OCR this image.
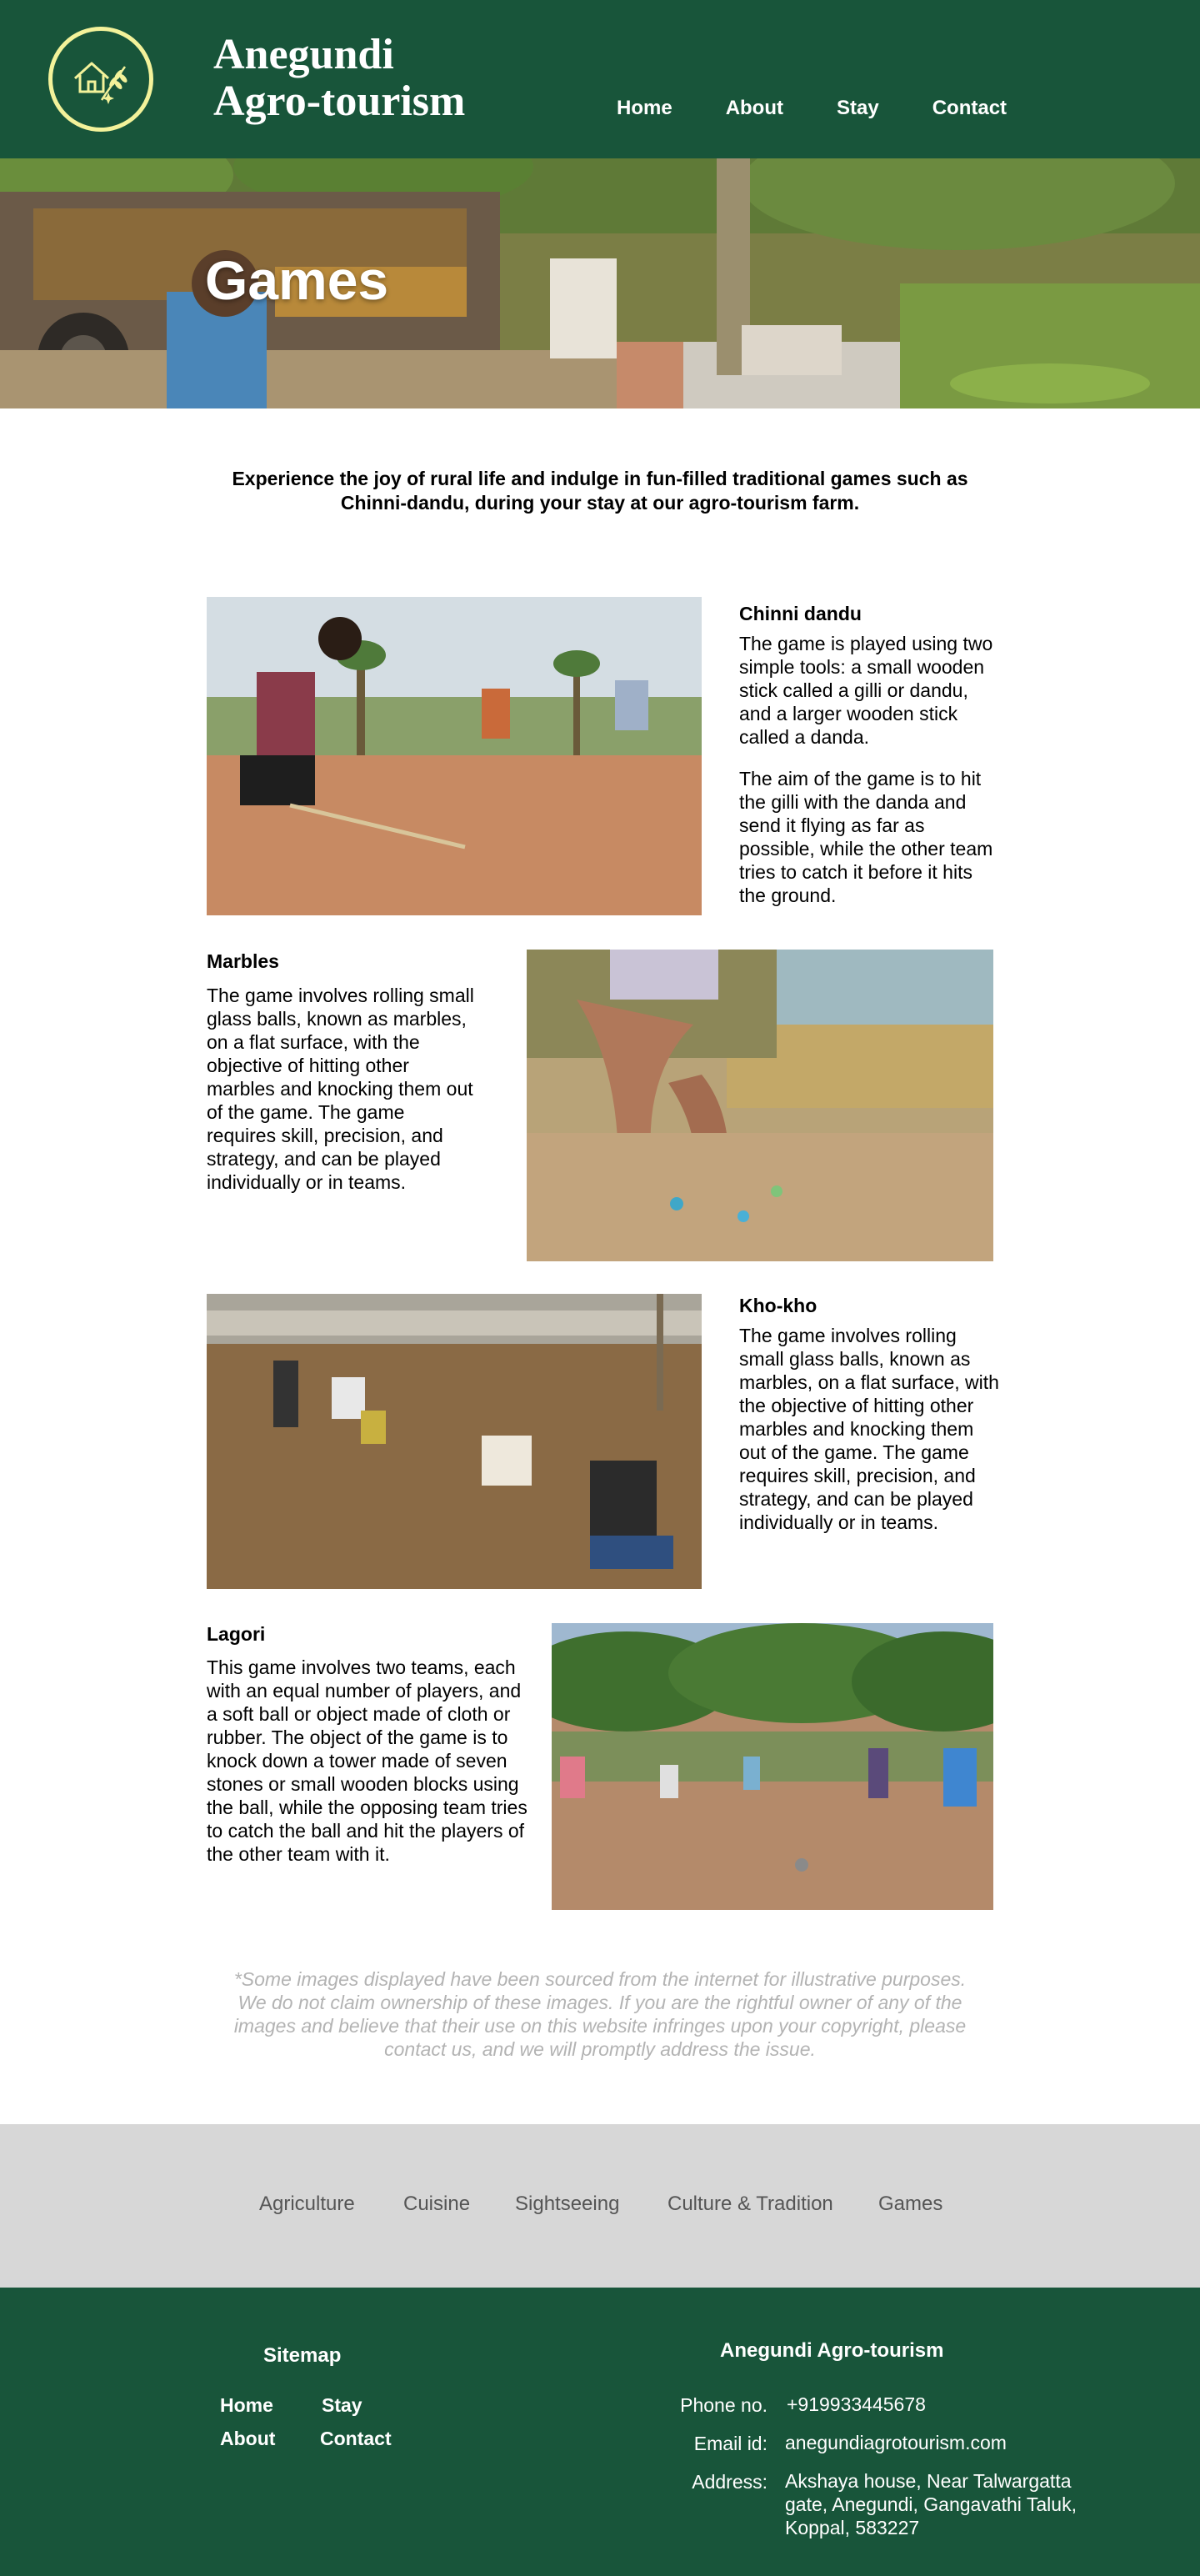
Anegundi
Agro-tourism	Home	About	Stay	Contact
Games

Experience the joy of rural life and indulge in fun-filled traditional games such as Chinni-dandu, during your stay at our agro-tourism farm.

Chinni dandu

The game is played using two simple tools: a small wooden stick called a gilli or dandu, and a larger wooden stick called a danda.

The aim of the game is to hit the gilli with the danda and send it flying as far as possible, while the other team tries to catch it before it hits the ground.

Marbles

The game involves rolling small glass balls, known as marbles, on a flat surface, with the objective of hitting other marbles and knocking them out of the game. The game requires skill, precision, and strategy, and can be played individually or in teams.

Kho-kho

The game involves rolling small glass balls, known as marbles, on a flat surface, with the objective of hitting other marbles and knocking them out of the game. The game requires skill, precision, and strategy, and can be played individually or in teams.

Lagori

This game involves two teams, each with an equal number of players, and a soft ball or object made of cloth or rubber. The object of the game is to knock down a tower made of seven stones or small wooden blocks using the ball, while the opposing team tries to catch the ball and hit the players of the other team with it.

*Some images displayed have been sourced from the internet for illustrative purposes. We do not claim ownership of these images. If you are the rightful owner of any of the images and believe that their use on this website infringes upon your copyright, please contact us, and we will promptly address the issue.

Agriculture Cuisine Sightseeing Culture & Tradition Games
Sitemap
Home	Stay
About Contact
Anegundi Agro-tourism
Phone no. +919933445678
Email id: anegundiagrotourism.com
Address: Akshaya house, Near Talwargatta gate, Anegundi, Gangavathi Taluk, Koppal, 583227
